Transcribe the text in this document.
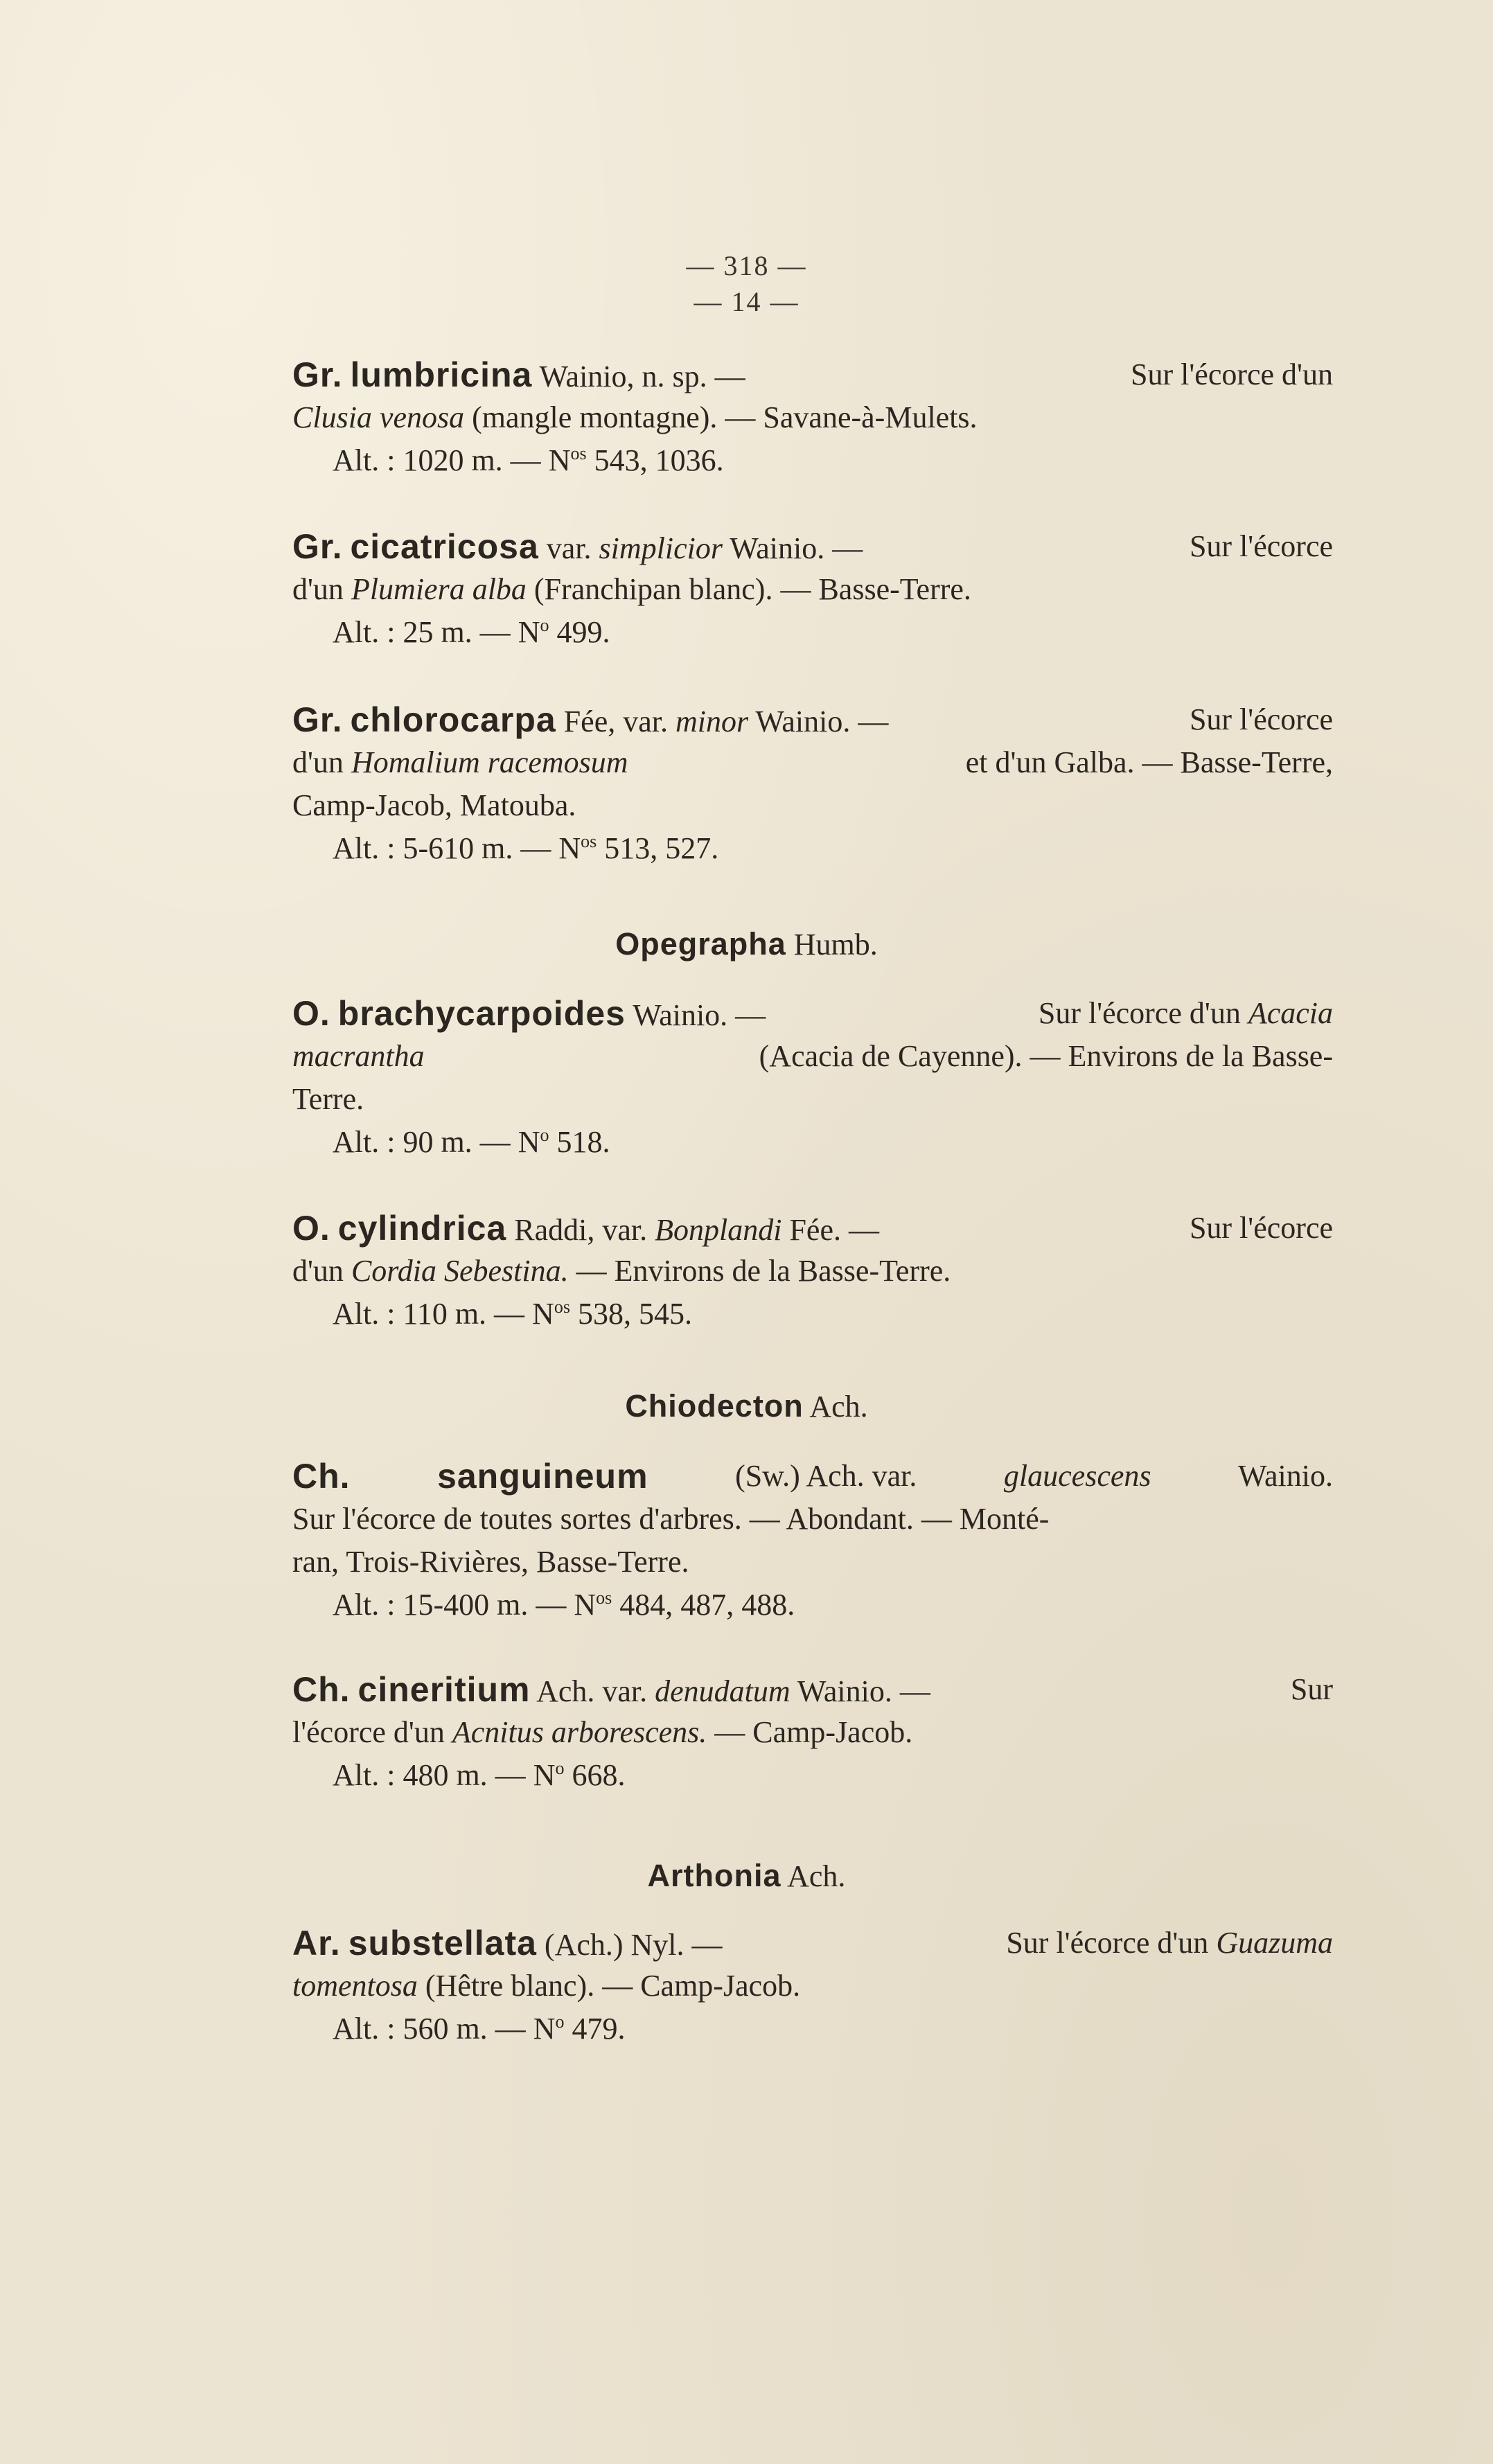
— 318 —
— 14 —
Gr. lumbricina Wainio, n. sp. —	Sur l'écorce d'un
Clusia venosa (mangle montagne). — Savane-à-Mulets.
Alt. : 1020 m. — $N^{os}$ 543, 1036.
Gr. cicatricosa var. simplicior Wainio. —	Sur l'écorce
d'un Plumiera alba (Franchipan blanc). — Basse-Terre.
Alt. : 25 m. — $N^o$ 499.
Gr. chlorocarpa Fée, var. minor Wainio. —	Sur l'écorce
d'un Homalium racemosum	et d'un Galba. — Basse-Terre,
Camp-Jacob, Matouba.
Alt. : 5-610 m. — $N^{os}$ 513, 527.
Opegrapha Humb.
O. brachycarpoides Wainio. —	Sur l'écorce d'un Acacia
macrantha	(Acacia de Cayenne). — Environs de la Basse-
Terre.
Alt. : 90 m. — $N^o$ 518.
O. cylindrica Raddi, var. Bonplandi Fée. —	Sur l'écorce
d'un Cordia Sebestina. — Environs de la Basse-Terre.
Alt. : 110 m. — $N^{os}$ 538, 545.
Chiodecton Ach.
Ch.	sanguineum	(Sw.) Ach. var.	glaucescens	Wainio.
Sur l'écorce de toutes sortes d'arbres. — Abondant. — Monté-
ran, Trois-Rivières, Basse-Terre.
Alt. : 15-400 m. — $N^{os}$ 484, 487, 488.
Ch. cineritium Ach. var. denudatum Wainio. —	Sur
l'écorce d'un Acnitus arborescens. — Camp-Jacob.
Alt. : 480 m. — $N^o$ 668.
Arthonia Ach.
Ar. substellata (Ach.) Nyl. —	Sur l'écorce d'un Guazuma
tomentosa (Hêtre blanc). — Camp-Jacob.
Alt. : 560 m. — $N^o$ 479.
